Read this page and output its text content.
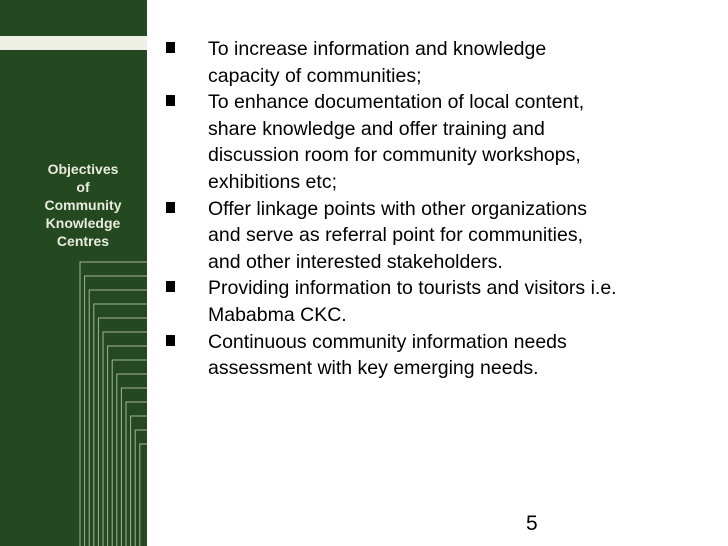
Objectives
of
Community
Knowledge
Centres
To increase information and knowledge
capacity of communities;
To enhance documentation of local content,
share knowledge and offer training and
discussion room for community workshops,
exhibitions etc;
Offer linkage points with other organizations
and serve as referral point for communities,
and other interested stakeholders.
Providing information to tourists and visitors i.e.
Mababma CKC.
Continuous community information needs
assessment with key emerging needs.
5
